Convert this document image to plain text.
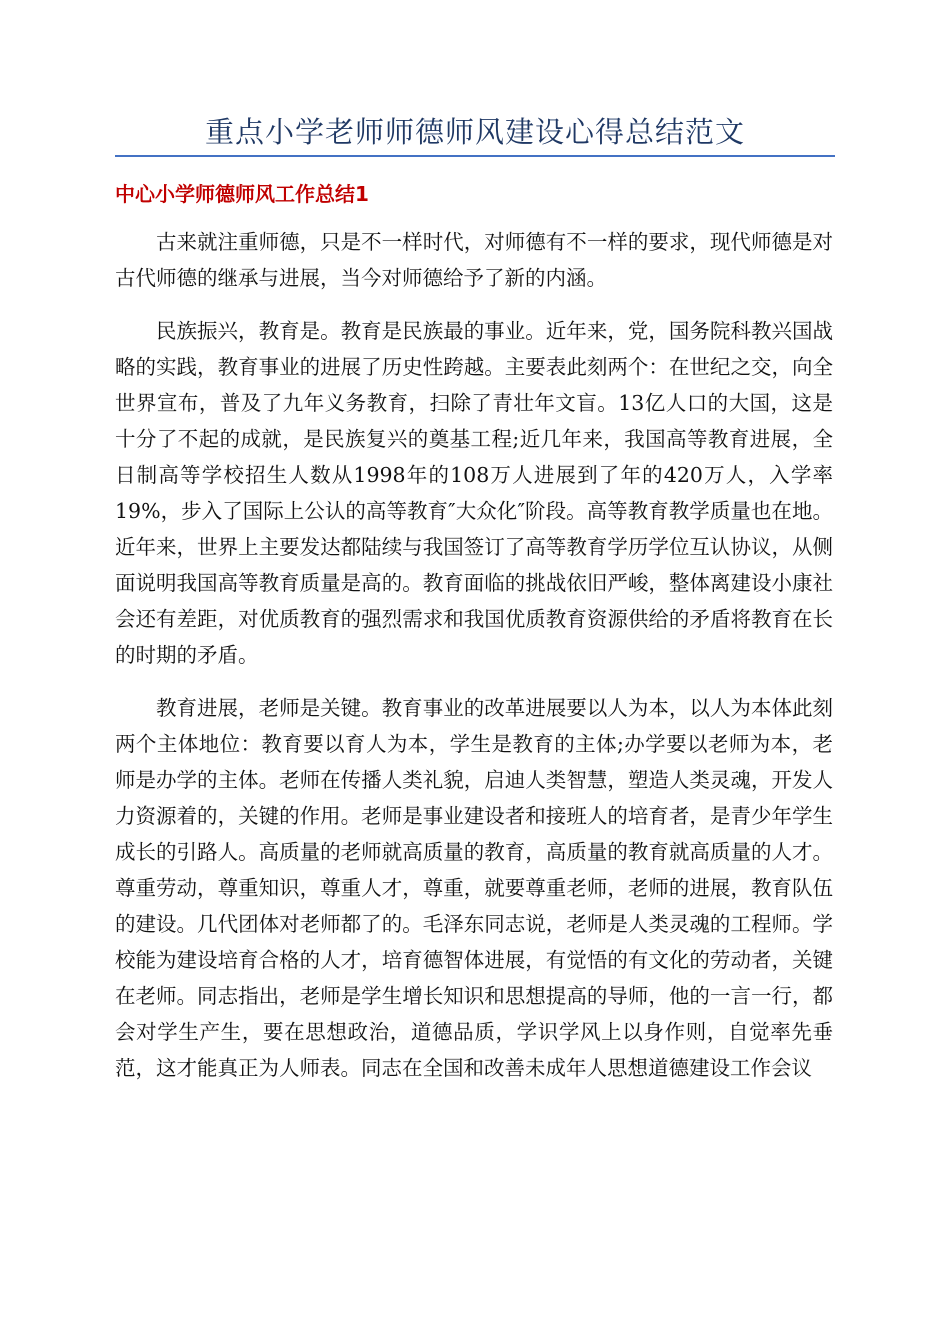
重点小学老师师德师风建设心得总结范文
中心小学师德师风工作总结1

古来就注重师德，只是不一样时代，对师德有不一样的要求，现代师德是对古代师德的继承与进展，当今对师德给予了新的内涵。

民族振兴，教育是。教育是民族最的事业。近年来，党，国务院科教兴国战略的实践，教育事业的进展了历史性跨越。主要表此刻两个：在世纪之交，向全世界宣布，普及了九年义务教育，扫除了青壮年文盲。13亿人口的大国，这是十分了不起的成就，是民族复兴的奠基工程;近几年来，我国高等教育进展，全日制高等学校招生人数从1998年的108万人进展到了年的420万人，入学率19%，步入了国际上公认的高等教育″大众化″阶段。高等教育教学质量也在地。近年来，世界上主要发达都陆续与我国签订了高等教育学历学位互认协议，从侧面说明我国高等教育质量是高的。教育面临的挑战依旧严峻，整体离建设小康社会还有差距，对优质教育的强烈需求和我国优质教育资源供给的矛盾将教育在长的时期的矛盾。

教育进展，老师是关键。教育事业的改革进展要以人为本，以人为本体此刻两个主体地位：教育要以育人为本，学生是教育的主体;办学要以老师为本，老师是办学的主体。老师在传播人类礼貌，启迪人类智慧，塑造人类灵魂，开发人力资源着的，关键的作用。老师是事业建设者和接班人的培育者，是青少年学生成长的引路人。高质量的老师就高质量的教育，高质量的教育就高质量的人才。尊重劳动，尊重知识，尊重人才，尊重，就要尊重老师，老师的进展，教育队伍的建设。几代团体对老师都了的。毛泽东同志说，老师是人类灵魂的工程师。学校能为建设培育合格的人才，培育德智体进展，有觉悟的有文化的劳动者，关键在老师。同志指出，老师是学生增长知识和思想提高的导师，他的一言一行，都会对学生产生，要在思想政治，道德品质，学识学风上以身作则，自觉率先垂范，这才能真正为人师表。同志在全国和改善未成年人思想道德建设工作会议
